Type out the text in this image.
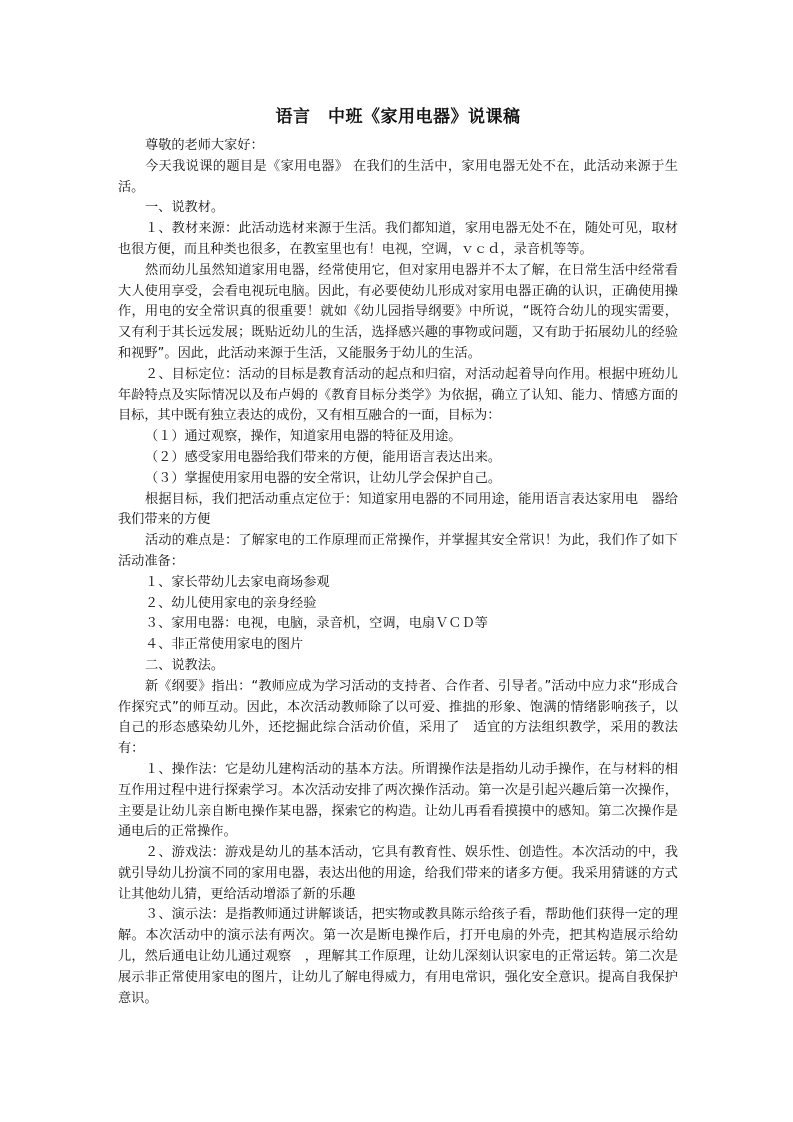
语言　中班《家用电器》说课稿

尊敬的老师大家好：

今天我说课的题目是《家用电器》 在我们的生活中，家用电器无处不在，此活动来源于生活。

一、说教材。

１、教材来源：此活动选材来源于生活。我们都知道，家用电器无处不在，随处可见，取材也很方便，而且种类也很多，在教室里也有！电视，空调，ｖｃｄ，录音机等等。

然而幼儿虽然知道家用电器，经常使用它，但对家用电器并不太了解，在日常生活中经常看大人使用享受，会看电视玩电脑。因此，有必要使幼儿形成对家用电器正确的认识，正确使用操作，用电的安全常识真的很重要！就如《幼儿园指导纲要》中所说，“既符合幼儿的现实需要，又有利于其长远发展；既贴近幼儿的生活，选择感兴趣的事物或问题，又有助于拓展幼儿的经验和视野”。因此，此活动来源于生活，又能服务于幼儿的生活。

２、目标定位：活动的目标是教育活动的起点和归宿，对活动起着导向作用。根据中班幼儿年龄特点及实际情况以及布卢姆的《教育目标分类学》为依据，确立了认知、能力、情感方面的目标，其中既有独立表达的成份，又有相互融合的一面，目标为：

（１）通过观察，操作，知道家用电器的特征及用途。

（２）感受家用电器给我们带来的方便，能用语言表达出来。

（３）掌握使用家用电器的安全常识，让幼儿学会保护自己。

根据目标，我们把活动重点定位于：知道家用电器的不同用途，能用语言表达家用电　器给我们带来的方便

活动的难点是：了解家电的工作原理而正常操作，并掌握其安全常识！为此，我们作了如下活动准备：

１、家长带幼儿去家电商场参观

２、幼儿使用家电的亲身经验

３、家用电器：电视，电脑，录音机，空调，电扇ＶＣＤ等

４、非正常使用家电的图片

二、说教法。

新《纲要》指出：“教师应成为学习活动的支持者、合作者、引导者。”活动中应力求“形成合作探究式”的师互动。因此，本次活动教师除了以可爱、推拙的形象、饱满的情绪影响孩子，以自己的形态感染幼儿外，还挖掘此综合活动价值，采用了　适宜的方法组织教学，采用的教法有：

１、操作法：它是幼儿建构活动的基本方法。所谓操作法是指幼儿动手操作，在与材料的相互作用过程中进行探索学习。本次活动安排了两次操作活动。第一次是引起兴趣后第一次操作，主要是让幼儿亲自断电操作某电器，探索它的构造。让幼儿再看看摸摸中的感知。第二次操作是通电后的正常操作。

２、游戏法：游戏是幼儿的基本活动，它具有教育性、娱乐性、创造性。本次活动的中，我就引导幼儿扮演不同的家用电器，表达出他的用途，给我们带来的诸多方便。我采用猜谜的方式让其他幼儿猜，更给活动增添了新的乐趣

３、演示法：是指教师通过讲解谈话，把实物或教具陈示给孩子看，帮助他们获得一定的理解。本次活动中的演示法有两次。第一次是断电操作后，打开电扇的外壳，把其构造展示给幼儿，然后通电让幼儿通过观察　，理解其工作原理，让幼儿深刻认识家电的正常运转。第二次是展示非正常使用家电的图片，让幼儿了解电得威力，有用电常识，强化安全意识。提高自我保护意识。
